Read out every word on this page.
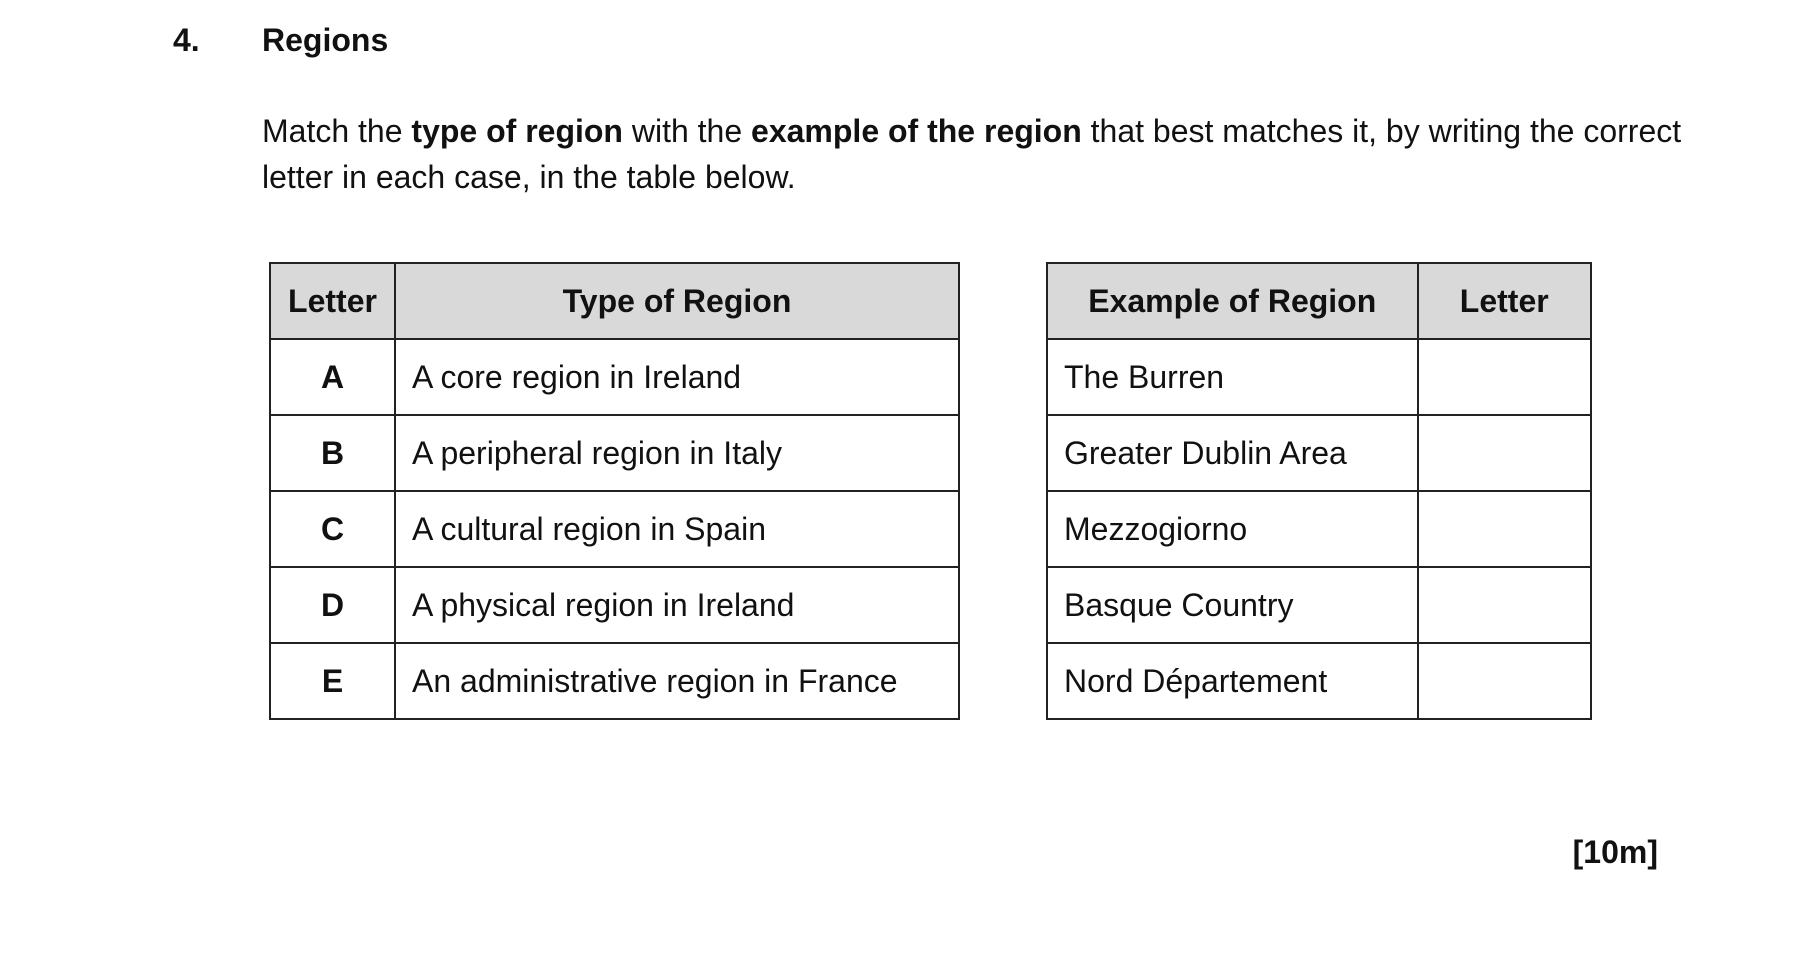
4. Regions
Match the type of region with the example of the region that best matches it, by writing the correct letter in each case, in the table below.
Letter	Type of Region
A	A core region in Ireland
B	A peripheral region in Italy
C	A cultural region in Spain
D	A physical region in Ireland
E	An administrative region in France
Example of Region	Letter
The Burren	
Greater Dublin Area	
Mezzogiorno	
Basque Country	
Nord Département	
[10m]
